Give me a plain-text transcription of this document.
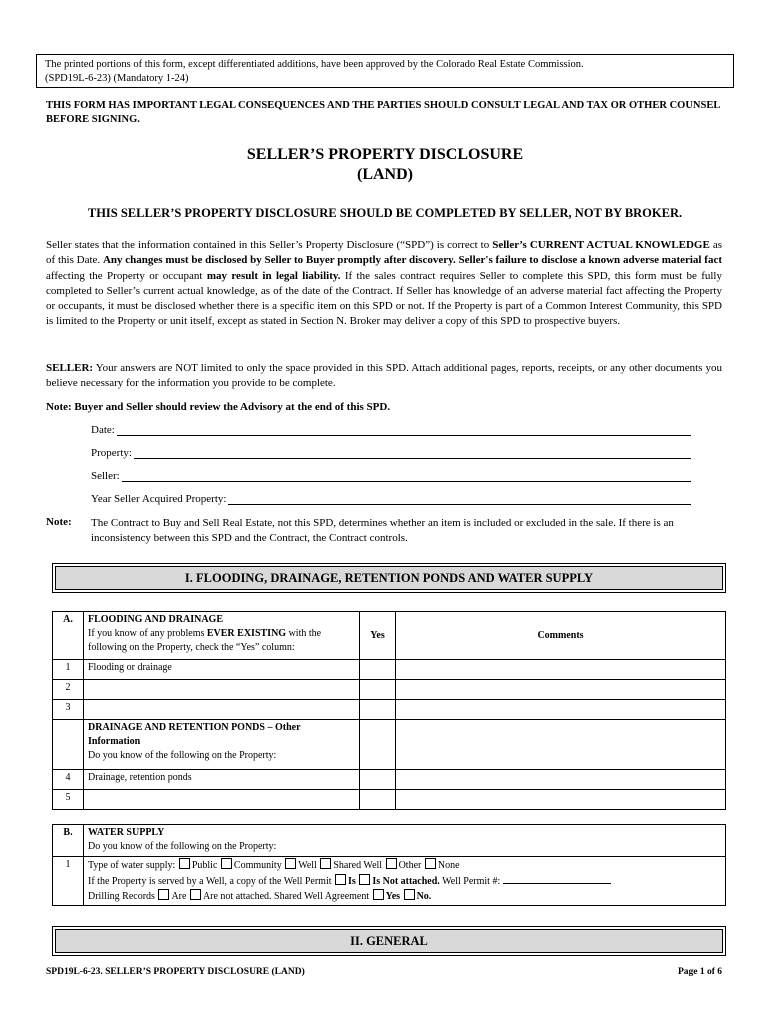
The printed portions of this form, except differentiated additions, have been approved by the Colorado Real Estate Commission.
(SPD19L-6-23) (Mandatory 1-24)
THIS FORM HAS IMPORTANT LEGAL CONSEQUENCES AND THE PARTIES SHOULD CONSULT LEGAL AND TAX OR OTHER COUNSEL BEFORE SIGNING.
SELLER’S PROPERTY DISCLOSURE
(LAND)
THIS SELLER’S PROPERTY DISCLOSURE SHOULD BE COMPLETED BY SELLER, NOT BY BROKER.
Seller states that the information contained in this Seller’s Property Disclosure (“SPD”) is correct to Seller’s CURRENT ACTUAL KNOWLEDGE as of this Date. Any changes must be disclosed by Seller to Buyer promptly after discovery. Seller's failure to disclose a known adverse material fact affecting the Property or occupant may result in legal liability. If the sales contract requires Seller to complete this SPD, this form must be fully completed to Seller’s current actual knowledge, as of the date of the Contract. If Seller has knowledge of an adverse material fact affecting the Property or occupants, it must be disclosed whether there is a specific item on this SPD or not. If the Property is part of a Common Interest Community, this SPD is limited to the Property or unit itself, except as stated in Section N. Broker may deliver a copy of this SPD to prospective buyers.
SELLER: Your answers are NOT limited to only the space provided in this SPD. Attach additional pages, reports, receipts, or any other documents you believe necessary for the information you provide to be complete.
Note: Buyer and Seller should review the Advisory at the end of this SPD.
Date:
Property:
Seller:
Year Seller Acquired Property:
Note: The Contract to Buy and Sell Real Estate, not this SPD, determines whether an item is included or excluded in the sale. If there is an inconsistency between this SPD and the Contract, the Contract controls.
I. FLOODING, DRAINAGE, RETENTION PONDS AND WATER SUPPLY
A.	FLOODING AND DRAINAGE
If you know of any problems EVER EXISTING with the following on the Property, check the “Yes” column:	Yes	Comments
1	Flooding or drainage		
2			
3			

	DRAINAGE AND RETENTION PONDS – Other Information
Do you know of the following on the Property:		

4	Drainage, retention ponds		
5			
B.	WATER SUPPLY
Do you know of the following on the Property:

1	Type of water supply: Public Community Well Shared Well Other None
If the Property is served by a Well, a copy of the Well Permit Is Is Not attached. Well Permit #:
Drilling Records Are Are not attached. Shared Well Agreement Yes No.
II. GENERAL
SPD19L-6-23. SELLER’S PROPERTY DISCLOSURE (LAND)	Page 1 of 6
